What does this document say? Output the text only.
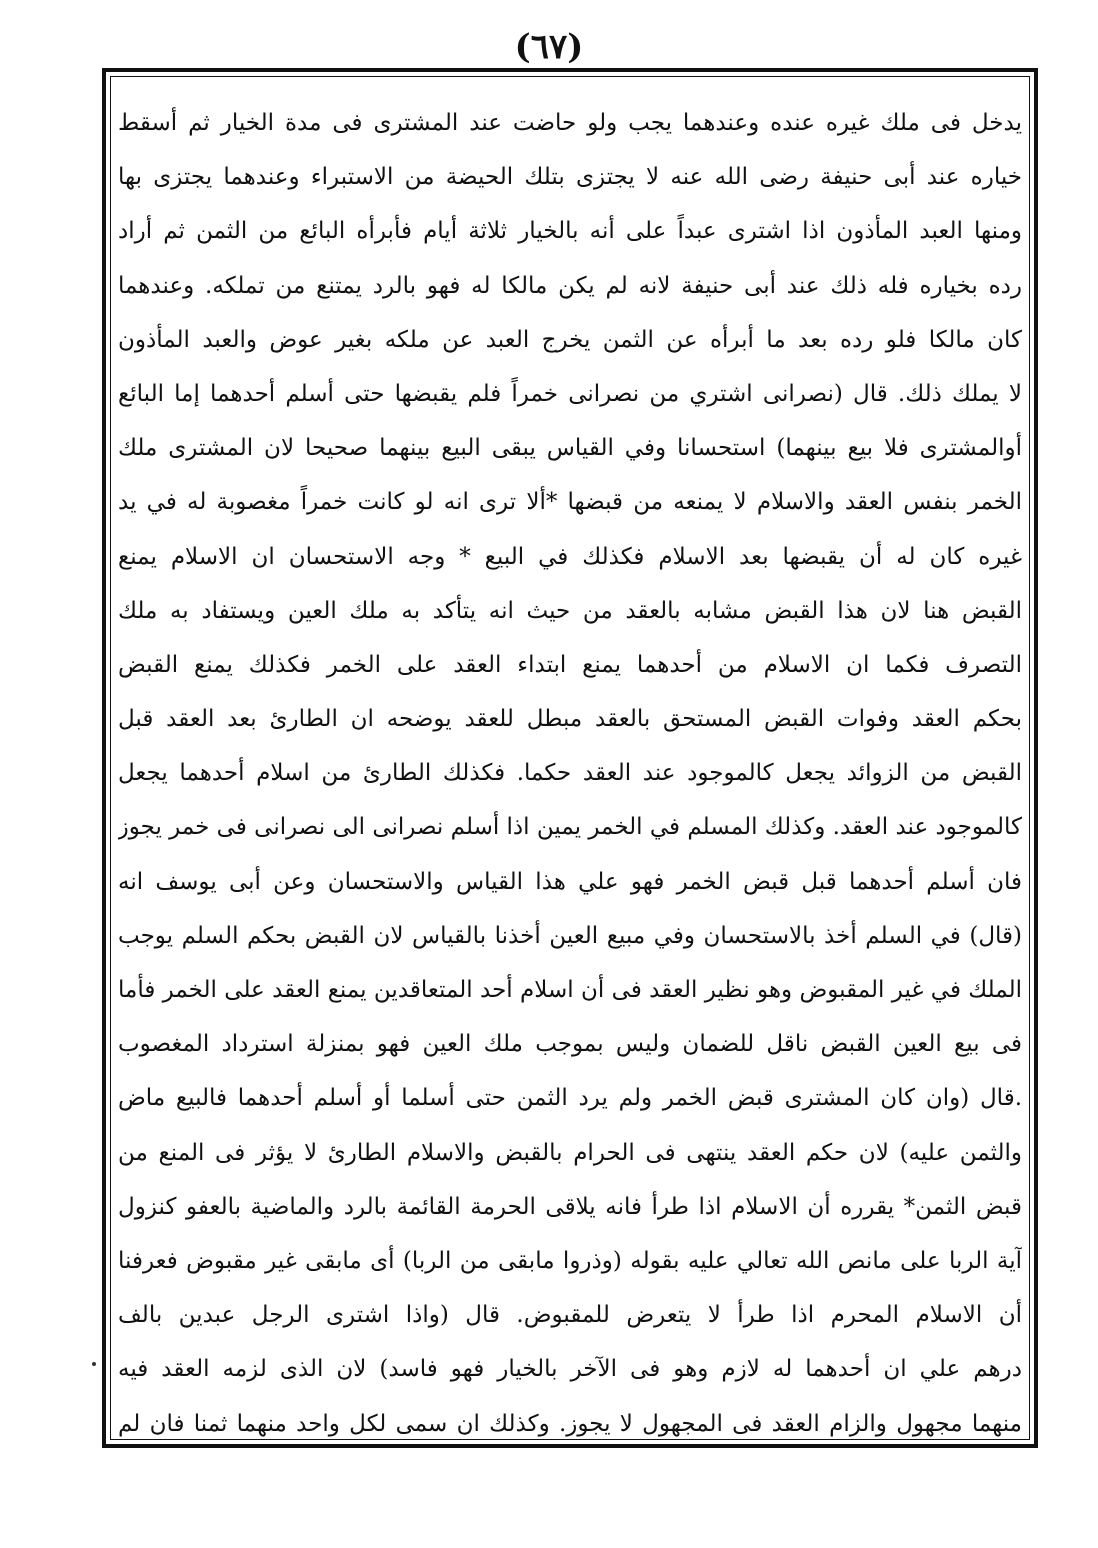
(٦٧)
يدخل فى ملك غيره عنده وعندهما يجب ولو حاضت عند المشترى فى مدة الخيار ثم أسقط
خياره عند أبى حنيفة رضى الله عنه لا يجتزى بتلك الحيضة من الاستبراء وعندهما يجتزى بها
ومنها العبد المأذون اذا اشترى عبداً على أنه بالخيار ثلاثة أيام فأبرأه البائع من الثمن ثم أراد
رده بخياره فله ذلك عند أبى حنيفة لانه لم يكن مالكا له فهو بالرد يمتنع من تملكه. وعندهما
كان مالكا فلو رده بعد ما أبرأه عن الثمن يخرج العبد عن ملكه بغير عوض والعبد المأذون
لا يملك ذلك. قال (نصرانى اشتري من نصرانى خمراً فلم يقبضها حتى أسلم أحدهما إما البائع
أوالمشترى فلا بيع بينهما) استحسانا وفي القياس يبقى البيع بينهما صحيحا لان المشترى ملك
الخمر بنفس العقد والاسلام لا يمنعه من قبضها *ألا ترى انه لو كانت خمراً مغصوبة له في يد
غيره كان له أن يقبضها بعد الاسلام فكذلك في البيع * وجه الاستحسان ان الاسلام يمنع
القبض هنا لان هذا القبض مشابه بالعقد من حيث انه يتأكد به ملك العين ويستفاد به ملك
التصرف فكما ان الاسلام من أحدهما يمنع ابتداء العقد على الخمر فكذلك يمنع القبض
بحكم العقد وفوات القبض المستحق بالعقد مبطل للعقد يوضحه ان الطارئ بعد العقد قبل
القبض من الزوائد يجعل كالموجود عند العقد حكما. فكذلك الطارئ من اسلام أحدهما يجعل
كالموجود عند العقد. وكذلك المسلم في الخمر يمين اذا أسلم نصرانى الى نصرانى فى خمر يجوز
فان أسلم أحدهما قبل قبض الخمر فهو علي هذا القياس والاستحسان وعن أبى يوسف انه
(قال) في السلم أخذ بالاستحسان وفي مبيع العين أخذنا بالقياس لان القبض بحكم السلم يوجب
الملك في غير المقبوض وهو نظير العقد فى أن اسلام أحد المتعاقدين يمنع العقد على الخمر فأما
فى بيع العين القبض ناقل للضمان وليس بموجب ملك العين فهو بمنزلة استرداد المغصوب
.قال (وان كان المشترى قبض الخمر ولم يرد الثمن حتى أسلما أو أسلم أحدهما فالبيع ماض
والثمن عليه) لان حكم العقد ينتهى فى الحرام بالقبض والاسلام الطارئ لا يؤثر فى المنع من
قبض الثمن* يقرره أن الاسلام اذا طرأ فانه يلاقى الحرمة القائمة بالرد والماضية بالعفو كنزول
آية الربا على مانص الله تعالي عليه بقوله (وذروا مابقى من الربا) أى مابقى غير مقبوض فعرفنا
أن الاسلام المحرم اذا طرأ لا يتعرض للمقبوض. قال (واذا اشترى الرجل عبدين بالف
درهم علي ان أحدهما له لازم وهو فى الآخر بالخيار فهو فاسد) لان الذى لزمه العقد فيه
منهما مجهول والزام العقد فى المجهول لا يجوز. وكذلك ان سمى لكل واحد منهما ثمنا فان لم
